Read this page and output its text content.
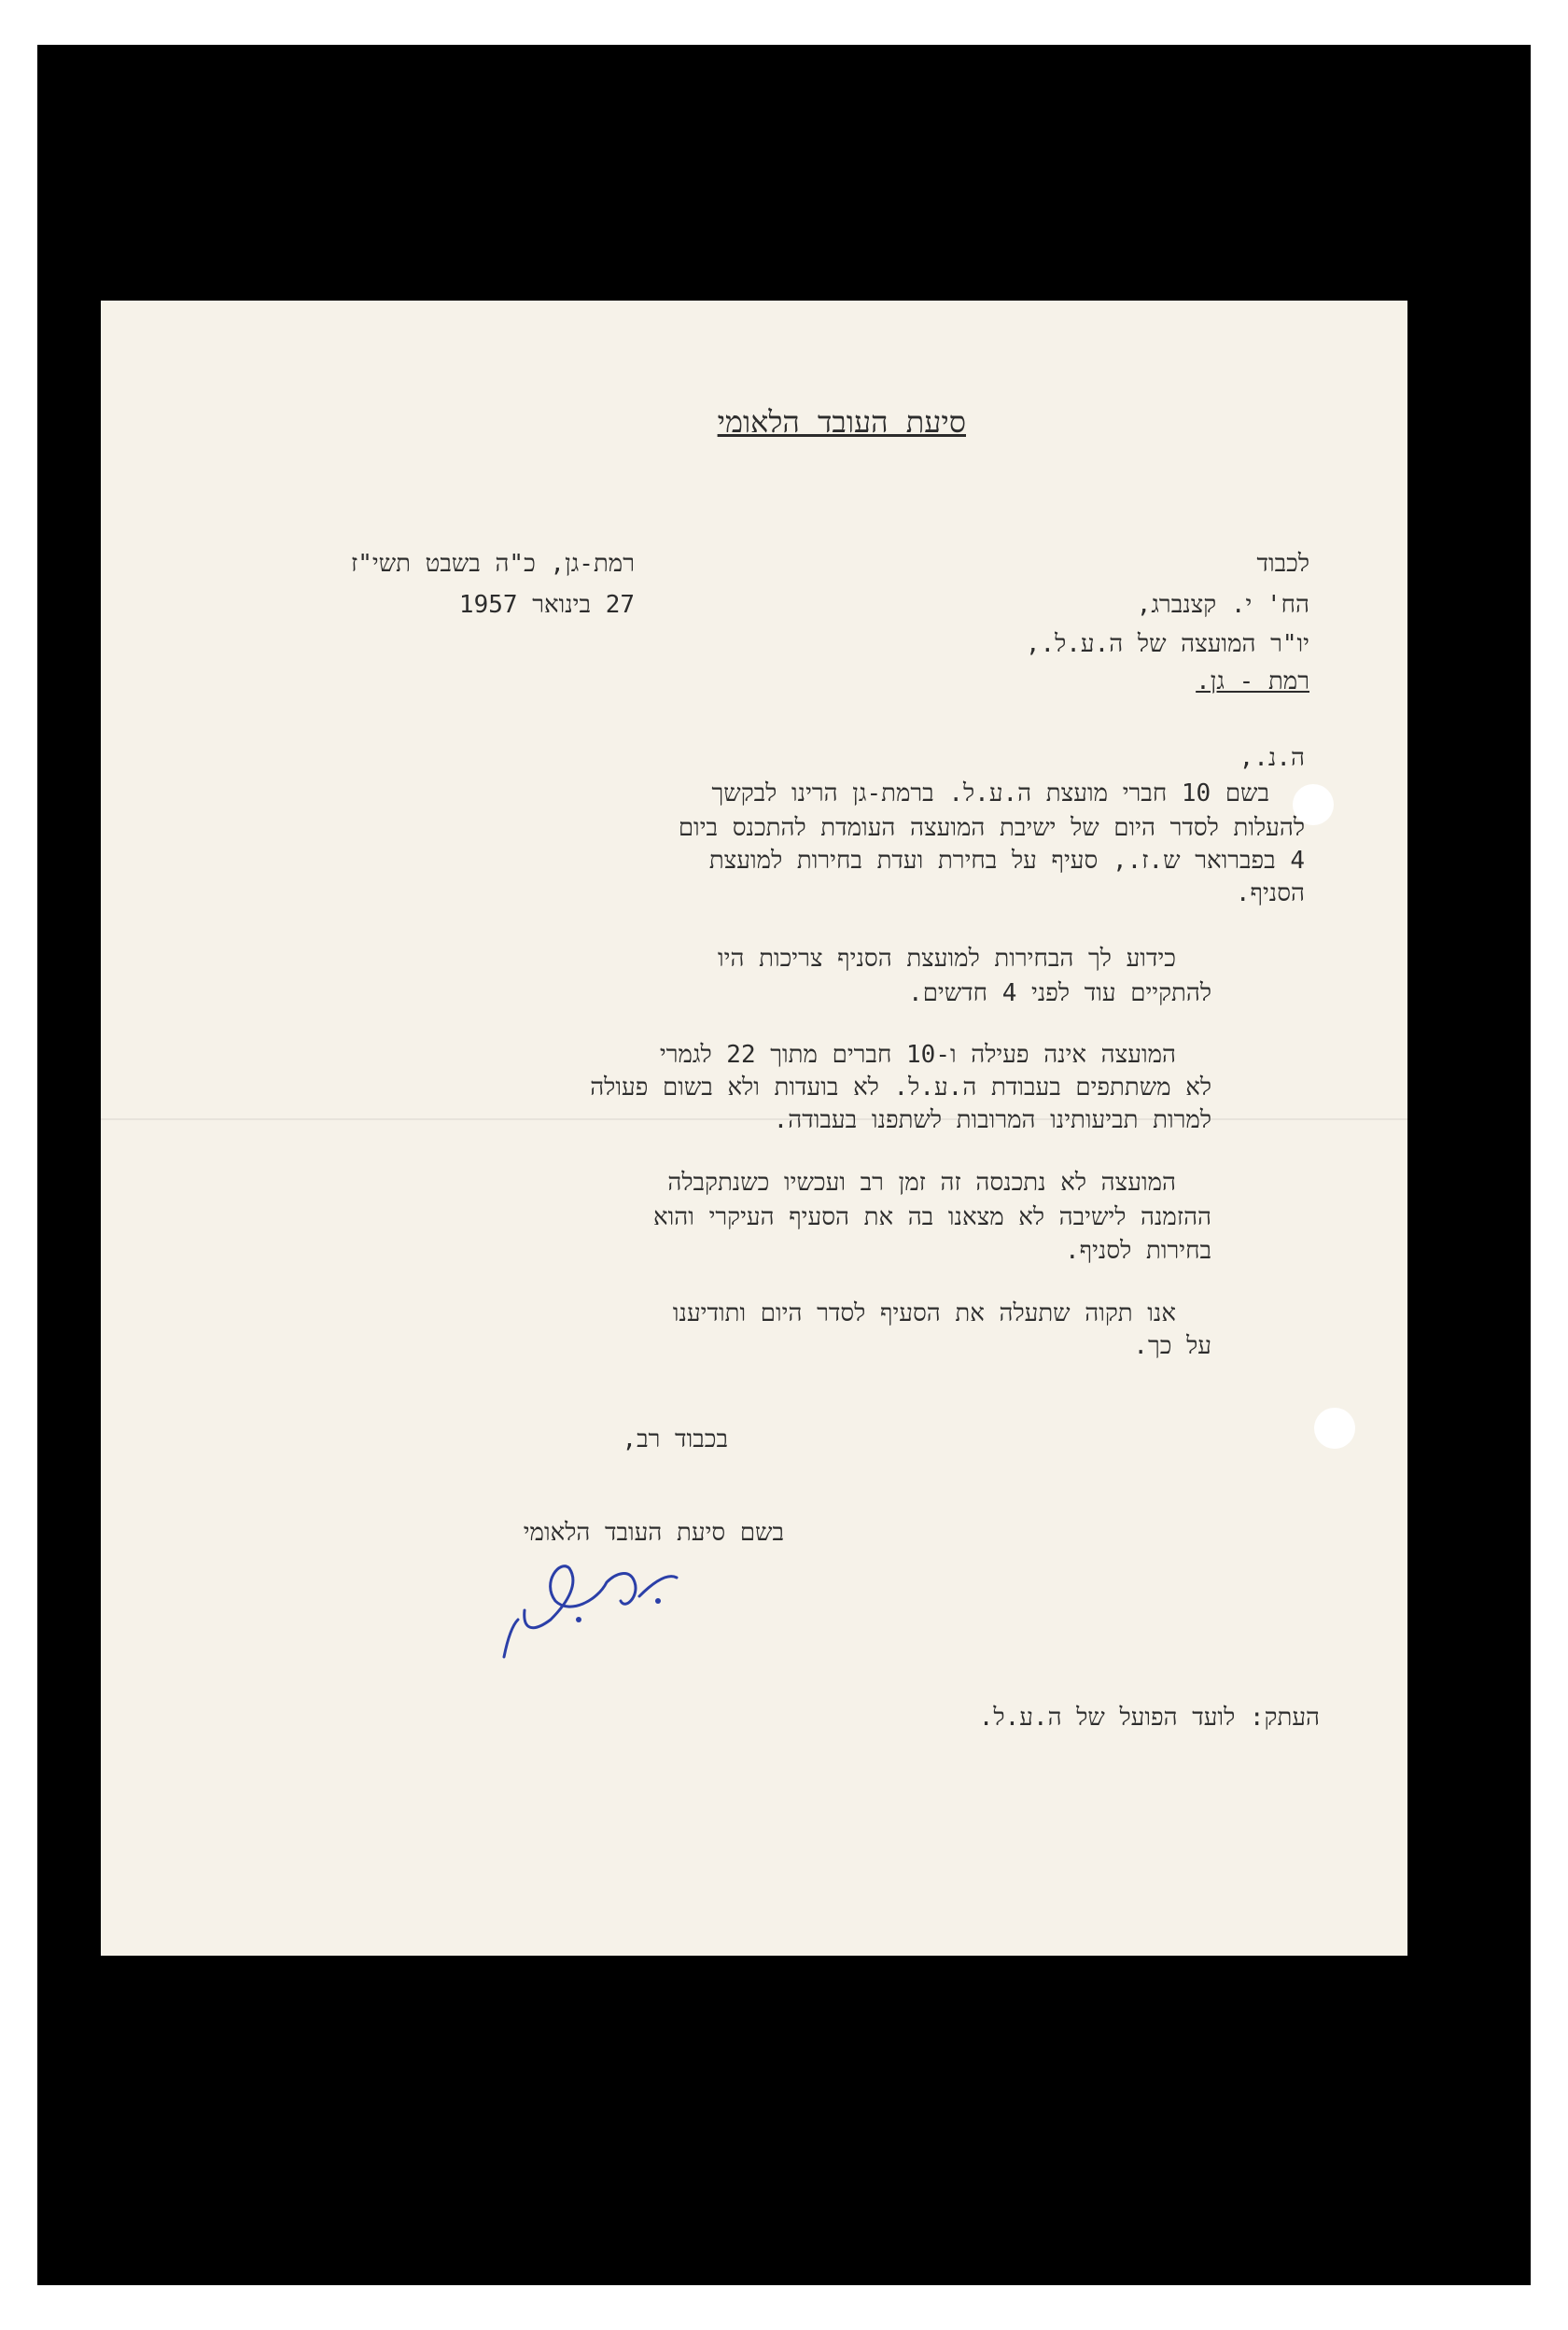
סיעת העובד הלאומי
רמת-גן, כ"ה בשבט תשי"ז
27 בינואר 1957
לכבוד
הח' י. קצנברג,
יו"ר המועצה של ה.ע.ל.,
רמת - גן.
ה.נ.,
בשם 10 חברי מועצת ה.ע.ל. ברמת-גן הרינו לבקשך
להעלות לסדר היום של ישיבת המועצה העומדת להתכנס ביום
4 בפברואר ש.ז., סעיף על בחירת ועדת בחירות למועצת
הסניף.
כידוע לך הבחירות למועצת הסניף צריכות היו
להתקיים עוד לפני 4 חדשים.
המועצה אינה פעילה ו-10 חברים מתוך 22 לגמרי
לא משתתפים בעבודת ה.ע.ל. לא בועדות ולא בשום פעולה
למרות תביעותינו המרובות לשתפנו בעבודה.
המועצה לא נתכנסה זה זמן רב ועכשיו כשנתקבלה
ההזמנה לישיבה לא מצאנו בה את הסעיף העיקרי והוא
בחירות לסניף.
אנו תקוה שתעלה את הסעיף לסדר היום ותודיענו
על כך.
בכבוד רב,
בשם סיעת העובד הלאומי
העתק: לועד הפועל של ה.ע.ל.
